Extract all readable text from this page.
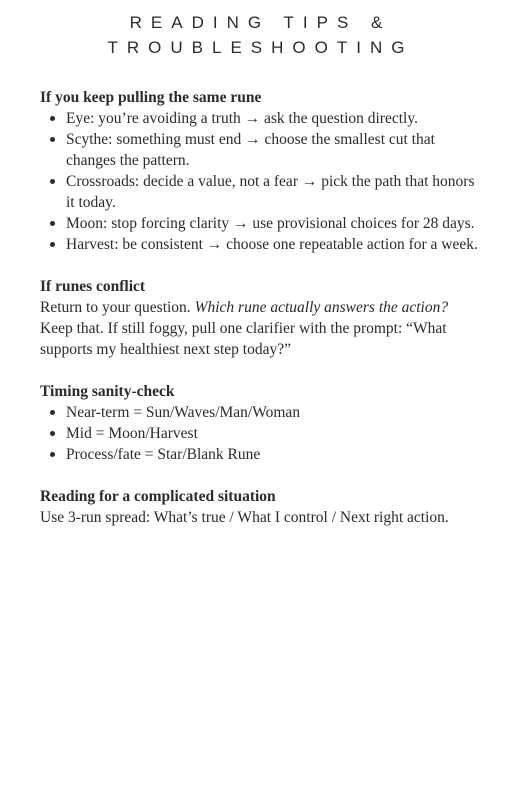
READING TIPS &
TROUBLESHOOTING
If you keep pulling the same rune
Eye: you’re avoiding a truth → ask the question directly.
Scythe: something must end → choose the smallest cut that changes the pattern.
Crossroads: decide a value, not a fear → pick the path that honors it today.
Moon: stop forcing clarity → use provisional choices for 28 days.
Harvest: be consistent → choose one repeatable action for a week.
If runes conflict

Return to your question. Which rune actually answers the action? Keep that. If still foggy, pull one clarifier with the prompt: “What supports my healthiest next step today?”

Timing sanity-check
Near-term = Sun/Waves/Man/Woman
Mid = Moon/Harvest
Process/fate = Star/Blank Rune
Reading for a complicated situation

Use 3-run spread: What’s true / What I control / Next right action.
